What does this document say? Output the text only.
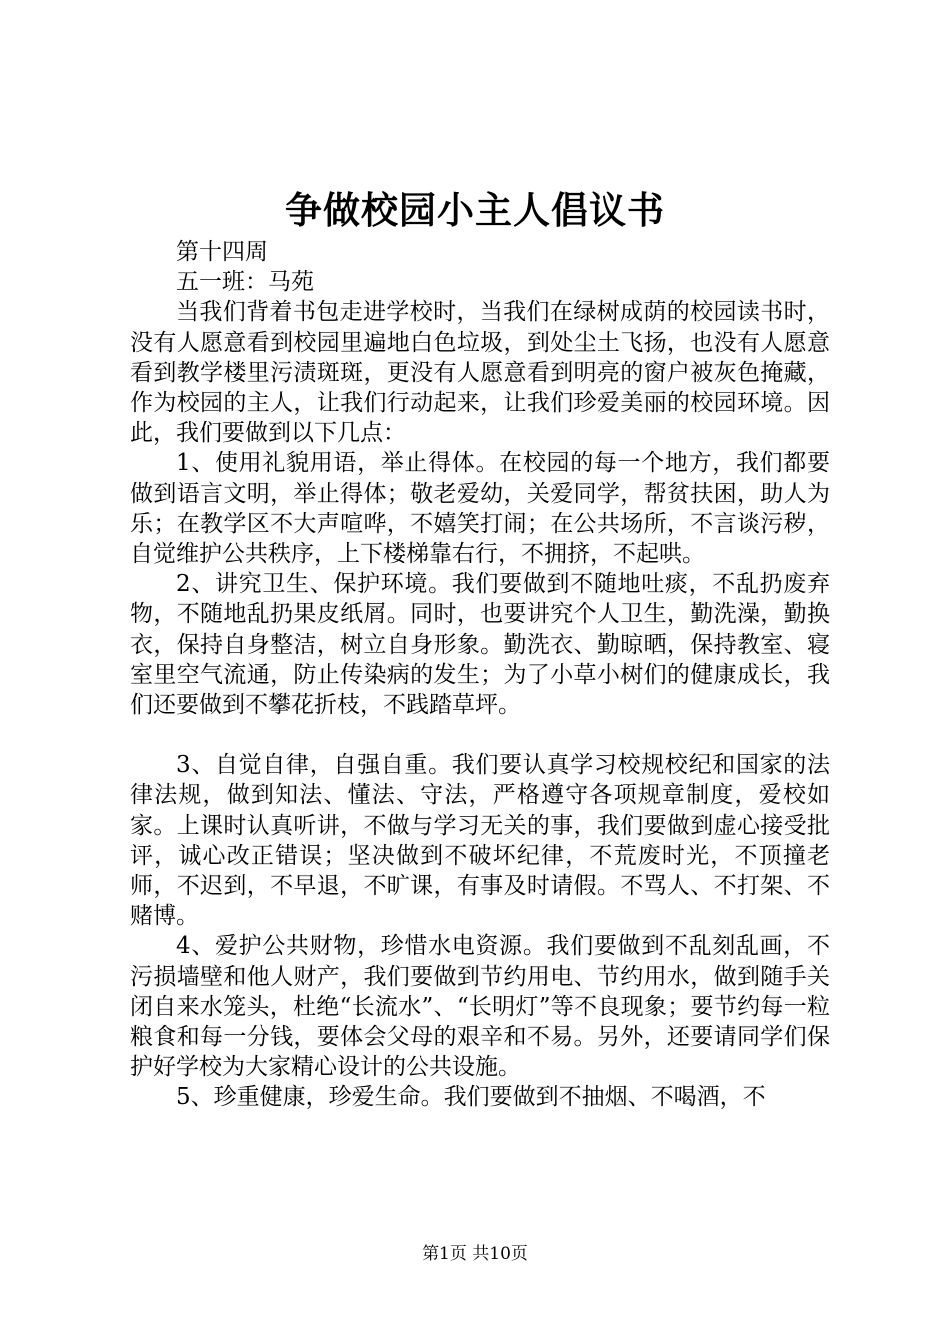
争做校园小主人倡议书

第十四周

五一班：马苑

当我们背着书包走进学校时，当我们在绿树成荫的校园读书时，没有人愿意看到校园里遍地白色垃圾，到处尘土飞扬，也没有人愿意看到教学楼里污渍斑斑，更没有人愿意看到明亮的窗户被灰色掩藏，作为校园的主人，让我们行动起来，让我们珍爱美丽的校园环境。因此，我们要做到以下几点：

1、使用礼貌用语，举止得体。在校园的每一个地方，我们都要做到语言文明，举止得体；敬老爱幼，关爱同学，帮贫扶困，助人为乐；在教学区不大声喧哗，不嬉笑打闹；在公共场所，不言谈污秽，自觉维护公共秩序，上下楼梯靠右行，不拥挤，不起哄。

2、讲究卫生、保护环境。我们要做到不随地吐痰，不乱扔废弃物，不随地乱扔果皮纸屑。同时，也要讲究个人卫生，勤洗澡，勤换衣，保持自身整洁，树立自身形象。勤洗衣、勤晾晒，保持教室、寝室里空气流通，防止传染病的发生；为了小草小树们的健康成长，我们还要做到不攀花折枝，不践踏草坪。

3、自觉自律，自强自重。我们要认真学习校规校纪和国家的法律法规，做到知法、懂法、守法，严格遵守各项规章制度，爱校如家。上课时认真听讲，不做与学习无关的事，我们要做到虚心接受批评，诚心改正错误；坚决做到不破坏纪律，不荒废时光，不顶撞老师，不迟到，不早退，不旷课，有事及时请假。不骂人、不打架、不赌博。

4、爱护公共财物，珍惜水电资源。我们要做到不乱刻乱画，不污损墙壁和他人财产，我们要做到节约用电、节约用水，做到随手关闭自来水笼头，杜绝“长流水”、“长明灯”等不良现象；要节约每一粒粮食和每一分钱，要体会父母的艰辛和不易。另外，还要请同学们保护好学校为大家精心设计的公共设施。

5、珍重健康，珍爱生命。我们要做到不抽烟、不喝酒，不

第1页 共10页
